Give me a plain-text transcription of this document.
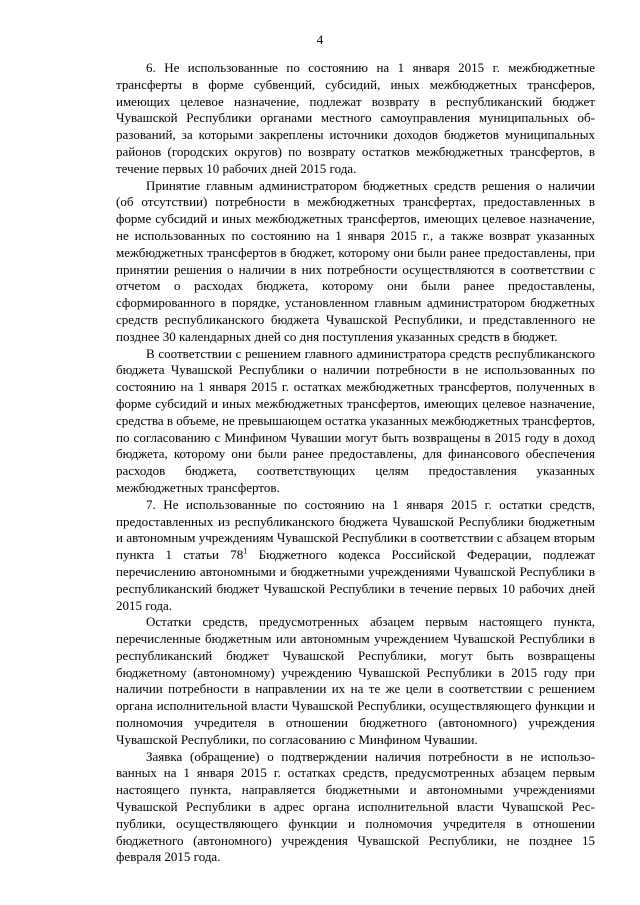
4

6. Не использованные по состоянию на 1 января 2015 г. межбюджетные трансферты в форме субвенций, субсидий, иных межбюджетных трансферов, имеющих целевое назначение, подлежат возврату в республиканский бюджет Чувашской Республики органами местного самоуправления муниципальных образований, за которыми закреплены источники доходов бюджетов муниципальных районов (городских округов) по возврату остатков межбюджетных трансфертов, в течение первых 10 рабочих дней 2015 года.

Принятие главным администратором бюджетных средств решения о наличии (об отсутствии) потребности в межбюджетных трансфертах, предоставленных в форме субсидий и иных межбюджетных трансфертов, имеющих целевое назначение, не использованных по состоянию на 1 января 2015 г., а также возврат указанных межбюджетных трансфертов в бюджет, которому они были ранее предоставлены, при принятии решения о наличии в них потребности осуществляются в соответствии с отчетом о расходах бюджета, которому они были ранее предоставлены, сформированного в порядке, установленном главным администратором бюджетных средств республиканского бюджета Чувашской Республики, и представленного не позднее 30 календарных дней со дня поступления указанных средств в бюджет.

В соответствии с решением главного администратора средств республиканского бюджета Чувашской Республики о наличии потребности в не использованных по состоянию на 1 января 2015 г. остатках межбюджетных трансфертов, полученных в форме субсидий и иных межбюджетных трансфертов, имеющих целевое назначение, средства в объеме, не превышающем остатка указанных межбюджетных трансфертов, по согласованию с Минфином Чувашии могут быть возвращены в 2015 году в доход бюджета, которому они были ранее предоставлены, для финансового обеспечения расходов бюджета, соответствующих целям предоставления указанных межбюджетных трансфертов.

7. Не использованные по состоянию на 1 января 2015 г. остатки средств, предоставленных из республиканского бюджета Чувашской Республики бюджетным и автономным учреждениям Чувашской Республики в соответствии с абзацем вторым пункта 1 статьи $78^1$ Бюджетного кодекса Российской Федерации, подлежат перечислению автономными и бюджетными учреждениями Чувашской Республики в республиканский бюджет Чувашской Республики в течение первых 10 рабочих дней 2015 года.

Остатки средств, предусмотренных абзацем первым настоящего пункта, перечисленные бюджетным или автономным учреждением Чувашской Республики в республиканский бюджет Чувашской Республики, могут быть возвращены бюджетному (автономному) учреждению Чувашской Республики в 2015 году при наличии потребности в направлении их на те же цели в соответствии с решением органа исполнительной власти Чувашской Республики, осуществляющего функции и полномочия учредителя в отношении бюджетного (автономного) учреждения Чувашской Республики, по согласованию с Минфином Чувашии.

Заявка (обращение) о подтверждении наличия потребности в не использованных на 1 января 2015 г. остатках средств, предусмотренных абзацем первым настоящего пункта, направляется бюджетными и автономными учреждениями Чувашской Республики в адрес органа исполнительной власти Чувашской Республики, осуществляющего функции и полномочия учредителя в отношении бюджетного (автономного) учреждения Чувашской Республики, не позднее 15 февраля 2015 года.
